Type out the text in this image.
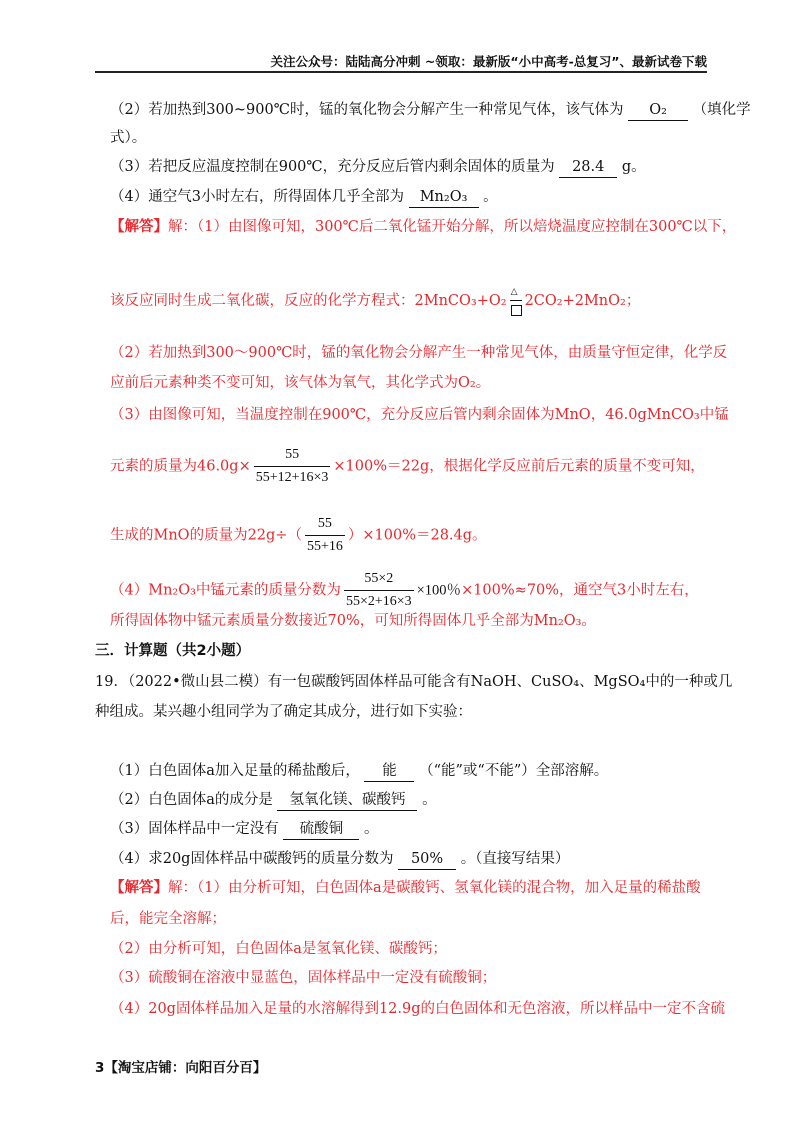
关注公众号：陆陆高分冲刺 ~领取：最新版“小中高考-总复习”、最新试卷下载
（2）若加热到300~900℃时，锰的氧化物会分解产生一种常见气体，该气体为 O₂ （填化学
式）。
（3）若把反应温度控制在900℃，充分反应后管内剩余固体的质量为 28.4 g。
（4）通空气3小时左右，所得固体几乎全部为 Mn₂O₃ 。
【解答】解：（1）由图像可知，300℃后二氧化锰开始分解，所以焙烧温度应控制在300℃以下，
该反应同时生成二氧化碳，反应的化学方程式：2MnCO₃+O₂
△
2CO₂+2MnO₂；
（2）若加热到300～900℃时，锰的氧化物会分解产生一种常见气体，由质量守恒定律，化学反
应前后元素种类不变可知，该气体为氧气，其化学式为O₂。
（3）由图像可知，当温度控制在900℃，充分反应后管内剩余固体为MnO，46.0gMnCO₃中锰
元素的质量为$46.0g\times \frac{55}{55+12+16\times 3} \times 100\%=22g$，根据化学反应前后元素的质量不变可知，
生成的MnO的质量为$22g\div( \frac{55}{55+16} )\times 100\%=28.4g$。
（4）Mn₂O₃中锰元素的质量分数为 $\frac{55\times 2}{55\times 2+16\times 3} \times 100$％×100%≈70%，通空气3小时左右，
所得固体物中锰元素质量分数接近70%，可知所得固体几乎全部为Mn₂O₃。
三．计算题（共2小题）
19．（2022•微山县二模）有一包碳酸钙固体样品可能含有NaOH、CuSO₄、MgSO₄中的一种或几
种组成。某兴趣小组同学为了确定其成分，进行如下实验：
（1）白色固体a加入足量的稀盐酸后， 能 （“能”或“不能”）全部溶解。
（2）白色固体a的成分是 氢氧化镁、碳酸钙 。
（3）固体样品中一定没有 硫酸铜 。
（4）求20g固体样品中碳酸钙的质量分数为 50% 。（直接写结果）
【解答】解：（1）由分析可知，白色固体a是碳酸钙、氢氧化镁的混合物，加入足量的稀盐酸
后，能完全溶解；
（2）由分析可知，白色固体a是氢氧化镁、碳酸钙；
（3）硫酸铜在溶液中显蓝色，固体样品中一定没有硫酸铜；
（4）20g固体样品加入足量的水溶解得到12.9g的白色固体和无色溶液，所以样品中一定不含硫
3【淘宝店铺：向阳百分百】
